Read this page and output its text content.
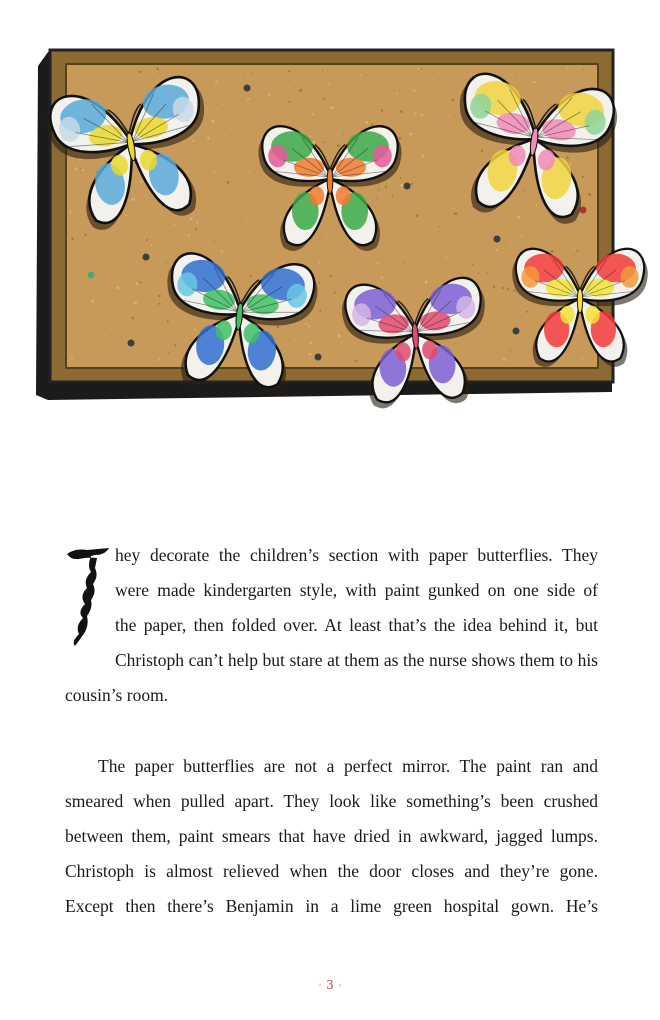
hey decorate the children’s section with paper butterflies. They
were made kindergarten style, with paint gunked on one side of
the paper, then folded over. At least that’s the idea behind it, but
Christoph can’t help but stare at them as the nurse shows them to his
cousin’s room.
The paper butterflies are not a perfect mirror. The paint ran and
smeared when pulled apart. They look like something’s been crushed
between them, paint smears that have dried in awkward, jagged lumps.
Christoph is almost relieved when the door closes and they’re gone.
Except then there’s Benjamin in a lime green hospital gown. He’s
◦ 3 ◦
